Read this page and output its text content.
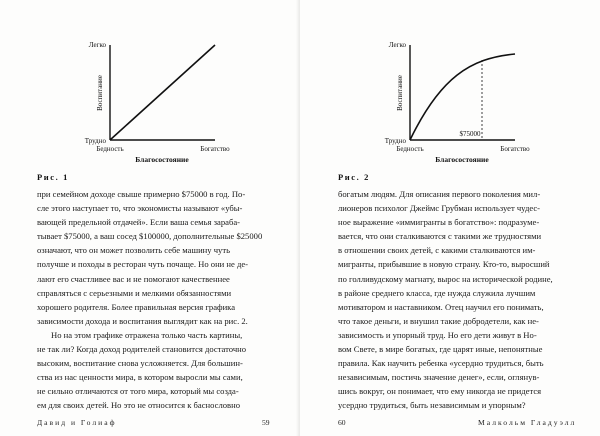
Легко
Трудно
Воспитание
Бедность	Богатство
Благосостояние
Рис. 1
при семейном доходе свыше примерно $75000 в год. По-
сле этого наступает то, что экономисты называют «убы-
вающей предельной отдачей». Если ваша семья зараба-
тывает $75000, а ваш сосед $100000, дополнительные $25000
означают, что он может позволить себе машину чуть
получше и походы в ресторан чуть почаще. Но они не де-
лают его счастливее вас и не помогают качественнее
справляться с серьезными и мелкими обязанностями
хорошего родителя. Более правильная версия графика
зависимости дохода и воспитания выглядит как на рис. 2.
Но на этом графике отражена только часть картины,
не так ли? Когда доход родителей становится достаточно
высоким, воспитание снова усложняется. Для большин-
ства из нас ценности мира, в котором выросли мы сами,
не сильно отличаются от того мира, который мы созда-
ем для своих детей. Но это не относится к баснословно
Давид и Голиаф	59
$75000
Легко
Трудно
Воспитание
Бедность	Богатство
Благосостояние
Рис. 2
богатым людям. Для описания первого поколения мил-
лионеров психолог Джеймс Грубман использует чудес-
ное выражение «иммигранты в богатство»: подразуме-
вается, что они сталкиваются с такими же трудностями
в отношении своих детей, с какими сталкиваются им-
мигранты, прибывшие в новую страну. Кто-то, выросший
по голливудскому магнату, вырос на исторической родине,
в районе среднего класса, где нужда служила лучшим
мотиватором и наставником. Отец научил его понимать,
что такое деньги, и внушил такие добродетели, как не-
зависимость и упорный труд. Но его дети живут в Но-
вом Свете, в мире богатых, где царят иные, непонятные
правила. Как научить ребенка «усердно трудиться, быть
независимым, постичь значение денег», если, оглянув-
шись вокруг, он понимает, что ему никогда не придется
усердно трудиться, быть независимым и упорным?
60	Малкольм Гладуэлл
